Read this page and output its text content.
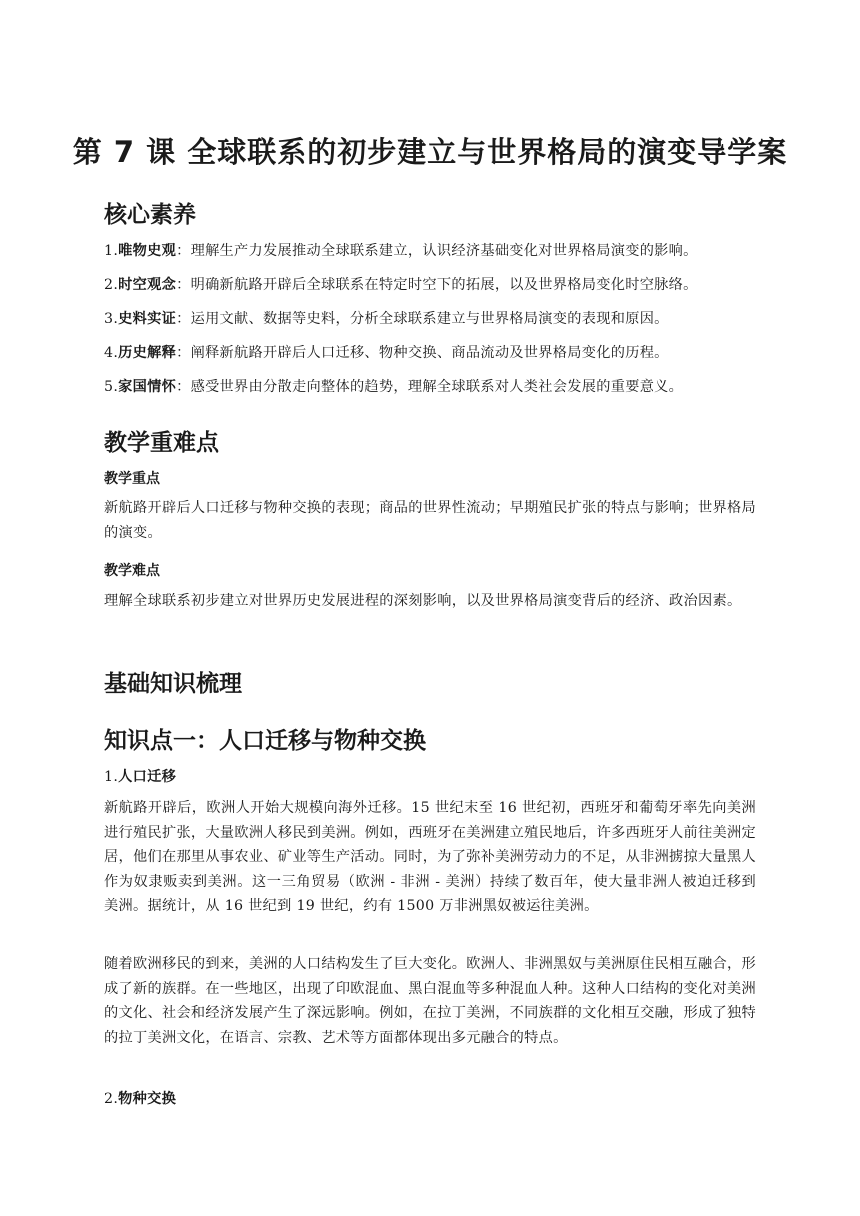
第 7 课 全球联系的初步建立与世界格局的演变导学案
核心素养
1.唯物史观：理解生产力发展推动全球联系建立，认识经济基础变化对世界格局演变的影响。
2.时空观念：明确新航路开辟后全球联系在特定时空下的拓展，以及世界格局变化时空脉络。
3.史料实证：运用文献、数据等史料，分析全球联系建立与世界格局演变的表现和原因。
4.历史解释：阐释新航路开辟后人口迁移、物种交换、商品流动及世界格局变化的历程。
5.家国情怀：感受世界由分散走向整体的趋势，理解全球联系对人类社会发展的重要意义。
教学重难点
教学重点
新航路开辟后人口迁移与物种交换的表现；商品的世界性流动；早期殖民扩张的特点与影响；世界格局的演变。
教学难点
理解全球联系初步建立对世界历史发展进程的深刻影响，以及世界格局演变背后的经济、政治因素。
基础知识梳理
知识点一：人口迁移与物种交换
1.人口迁移
新航路开辟后，欧洲人开始大规模向海外迁移。15 世纪末至 16 世纪初，西班牙和葡萄牙率先向美洲进行殖民扩张，大量欧洲人移民到美洲。例如，西班牙在美洲建立殖民地后，许多西班牙人前往美洲定居，他们在那里从事农业、矿业等生产活动。同时，为了弥补美洲劳动力的不足，从非洲掳掠大量黑人作为奴隶贩卖到美洲。这一三角贸易（欧洲 - 非洲 - 美洲）持续了数百年，使大量非洲人被迫迁移到美洲。据统计，从 16 世纪到 19 世纪，约有 1500 万非洲黑奴被运往美洲。
随着欧洲移民的到来，美洲的人口结构发生了巨大变化。欧洲人、非洲黑奴与美洲原住民相互融合，形成了新的族群。在一些地区，出现了印欧混血、黑白混血等多种混血人种。这种人口结构的变化对美洲的文化、社会和经济发展产生了深远影响。例如，在拉丁美洲，不同族群的文化相互交融，形成了独特的拉丁美洲文化，在语言、宗教、艺术等方面都体现出多元融合的特点。
2.物种交换
